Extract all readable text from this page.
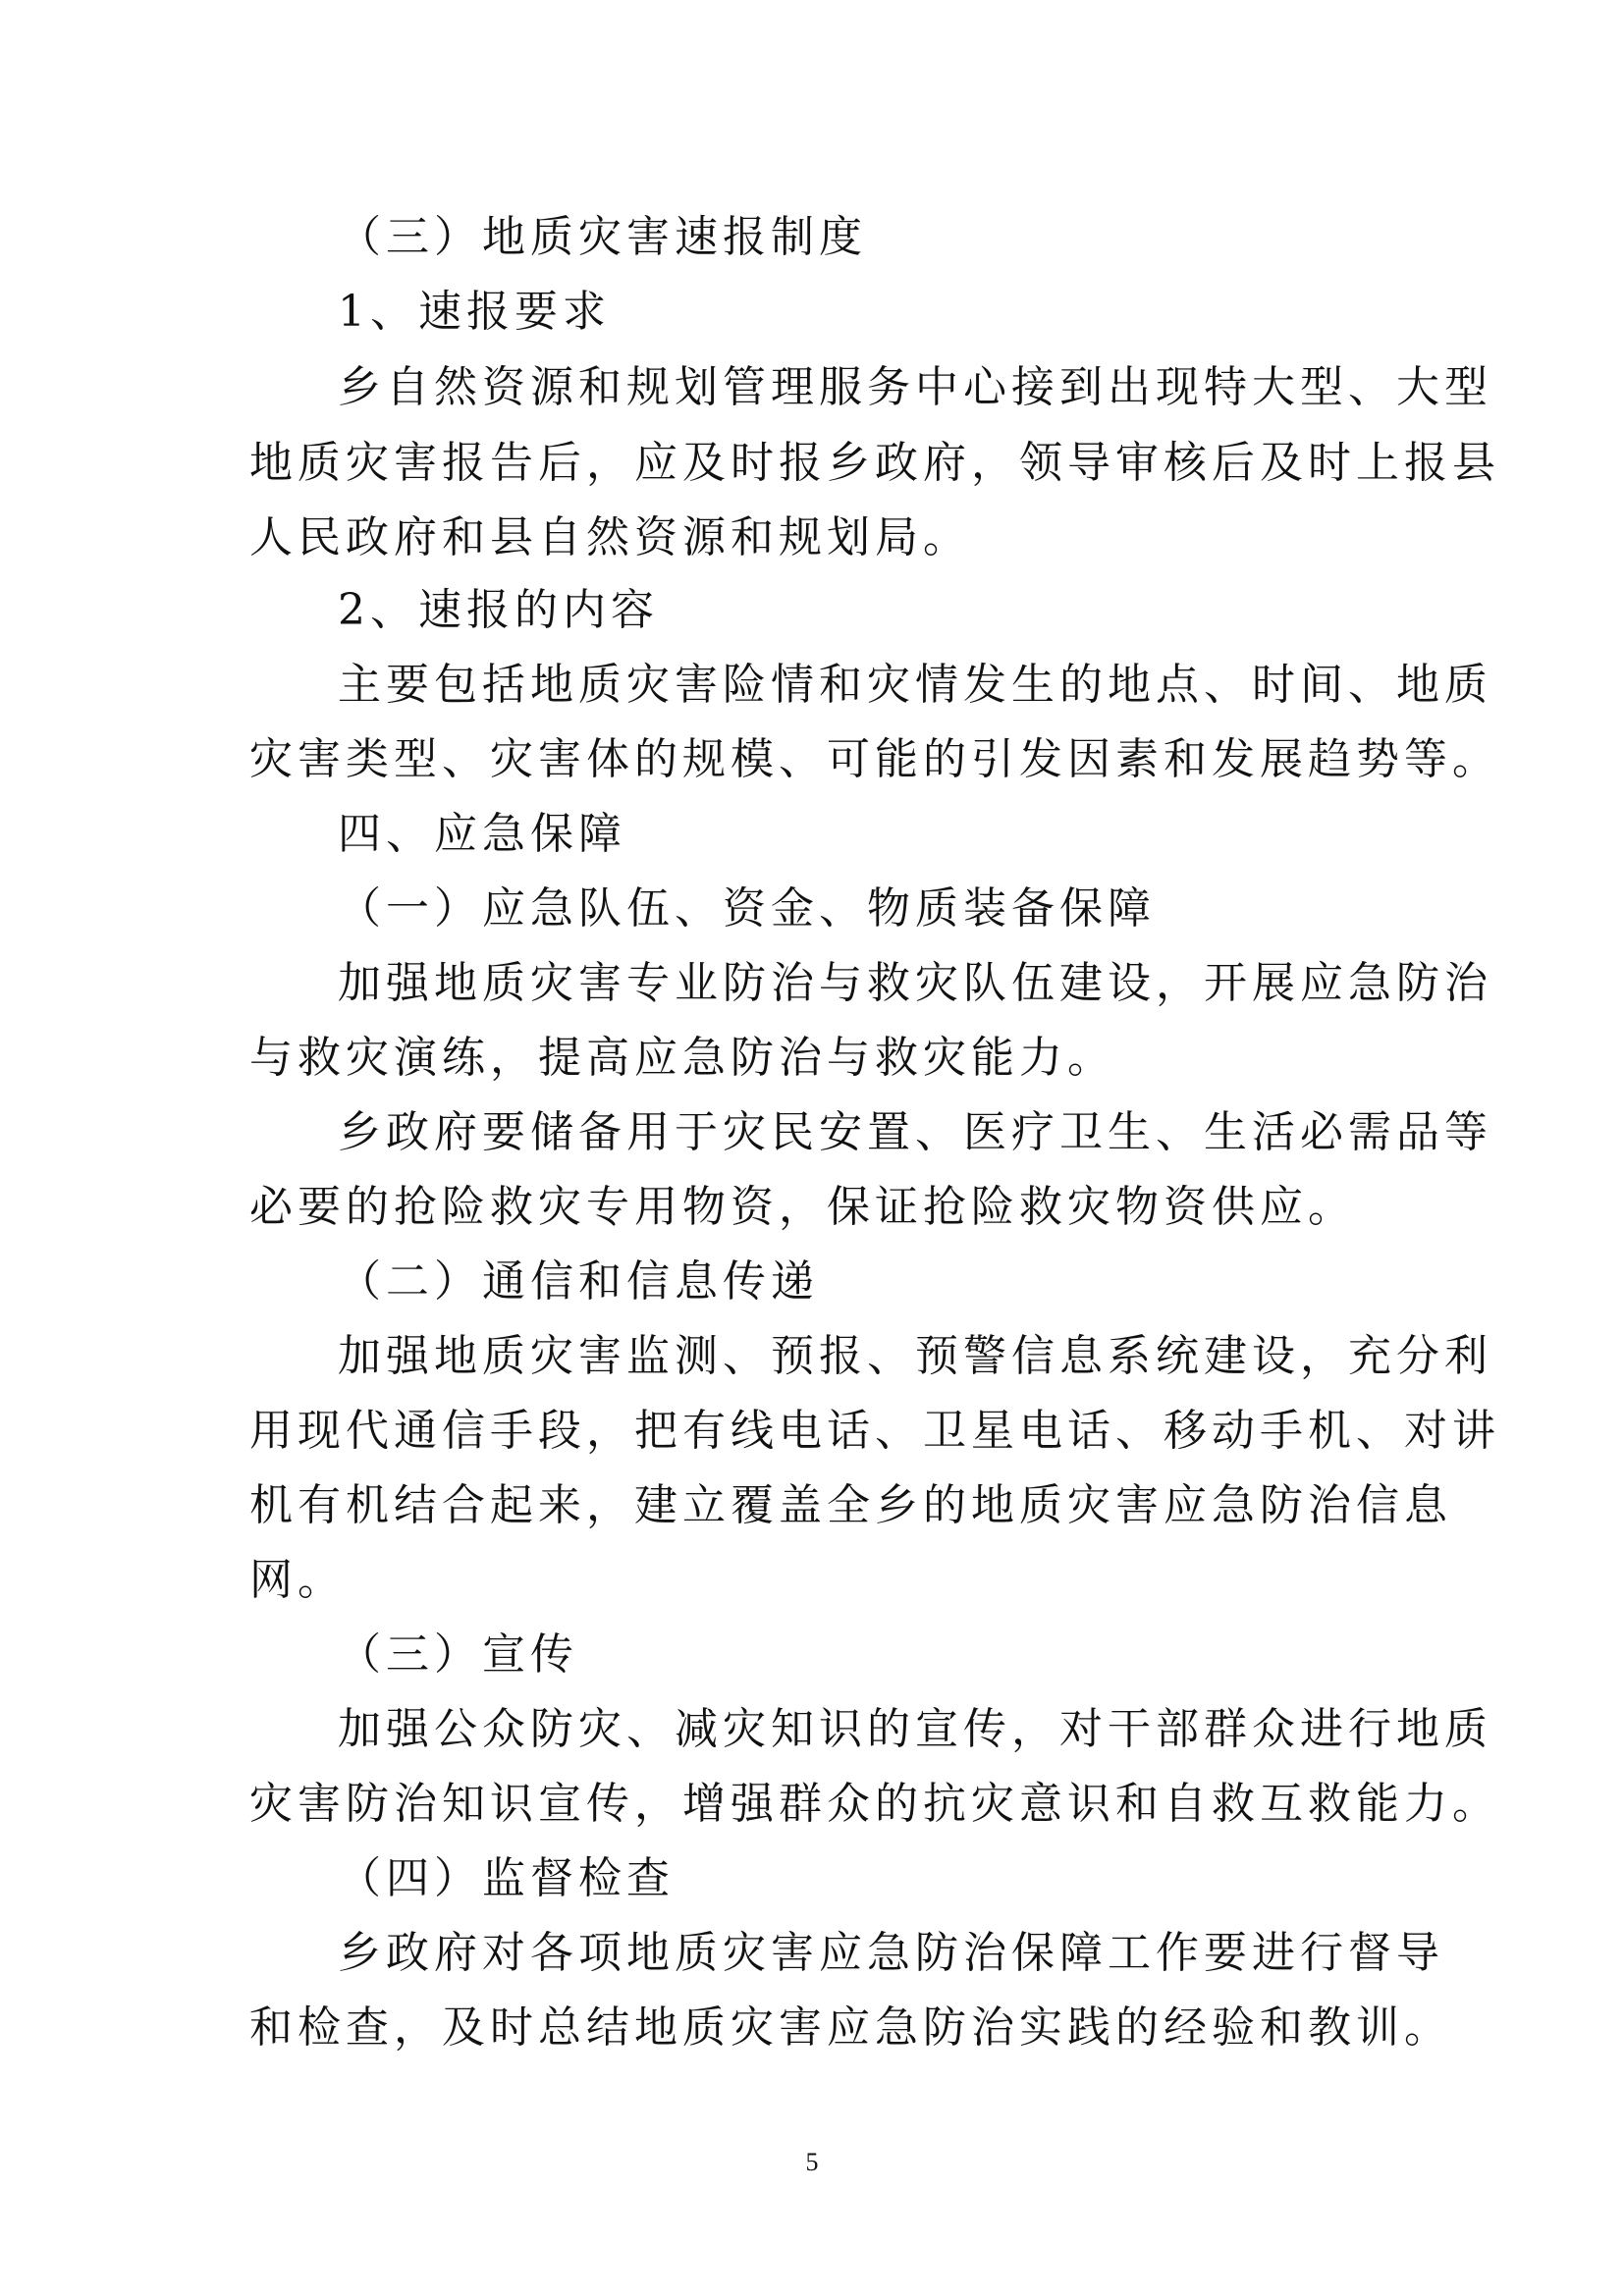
（三）地质灾害速报制度
1、速报要求
乡自然资源和规划管理服务中心接到出现特大型、大型
地质灾害报告后，应及时报乡政府，领导审核后及时上报县
人民政府和县自然资源和规划局。
2、速报的内容
主要包括地质灾害险情和灾情发生的地点、时间、地质
灾害类型、灾害体的规模、可能的引发因素和发展趋势等。
四、应急保障
（一）应急队伍、资金、物质装备保障
加强地质灾害专业防治与救灾队伍建设，开展应急防治
与救灾演练，提高应急防治与救灾能力。
乡政府要储备用于灾民安置、医疗卫生、生活必需品等
必要的抢险救灾专用物资，保证抢险救灾物资供应。
（二）通信和信息传递
加强地质灾害监测、预报、预警信息系统建设，充分利
用现代通信手段，把有线电话、卫星电话、移动手机、对讲
机有机结合起来，建立覆盖全乡的地质灾害应急防治信息
网。
（三）宣传
加强公众防灾、减灾知识的宣传，对干部群众进行地质
灾害防治知识宣传，增强群众的抗灾意识和自救互救能力。
（四）监督检查
乡政府对各项地质灾害应急防治保障工作要进行督导
和检查，及时总结地质灾害应急防治实践的经验和教训。
5
